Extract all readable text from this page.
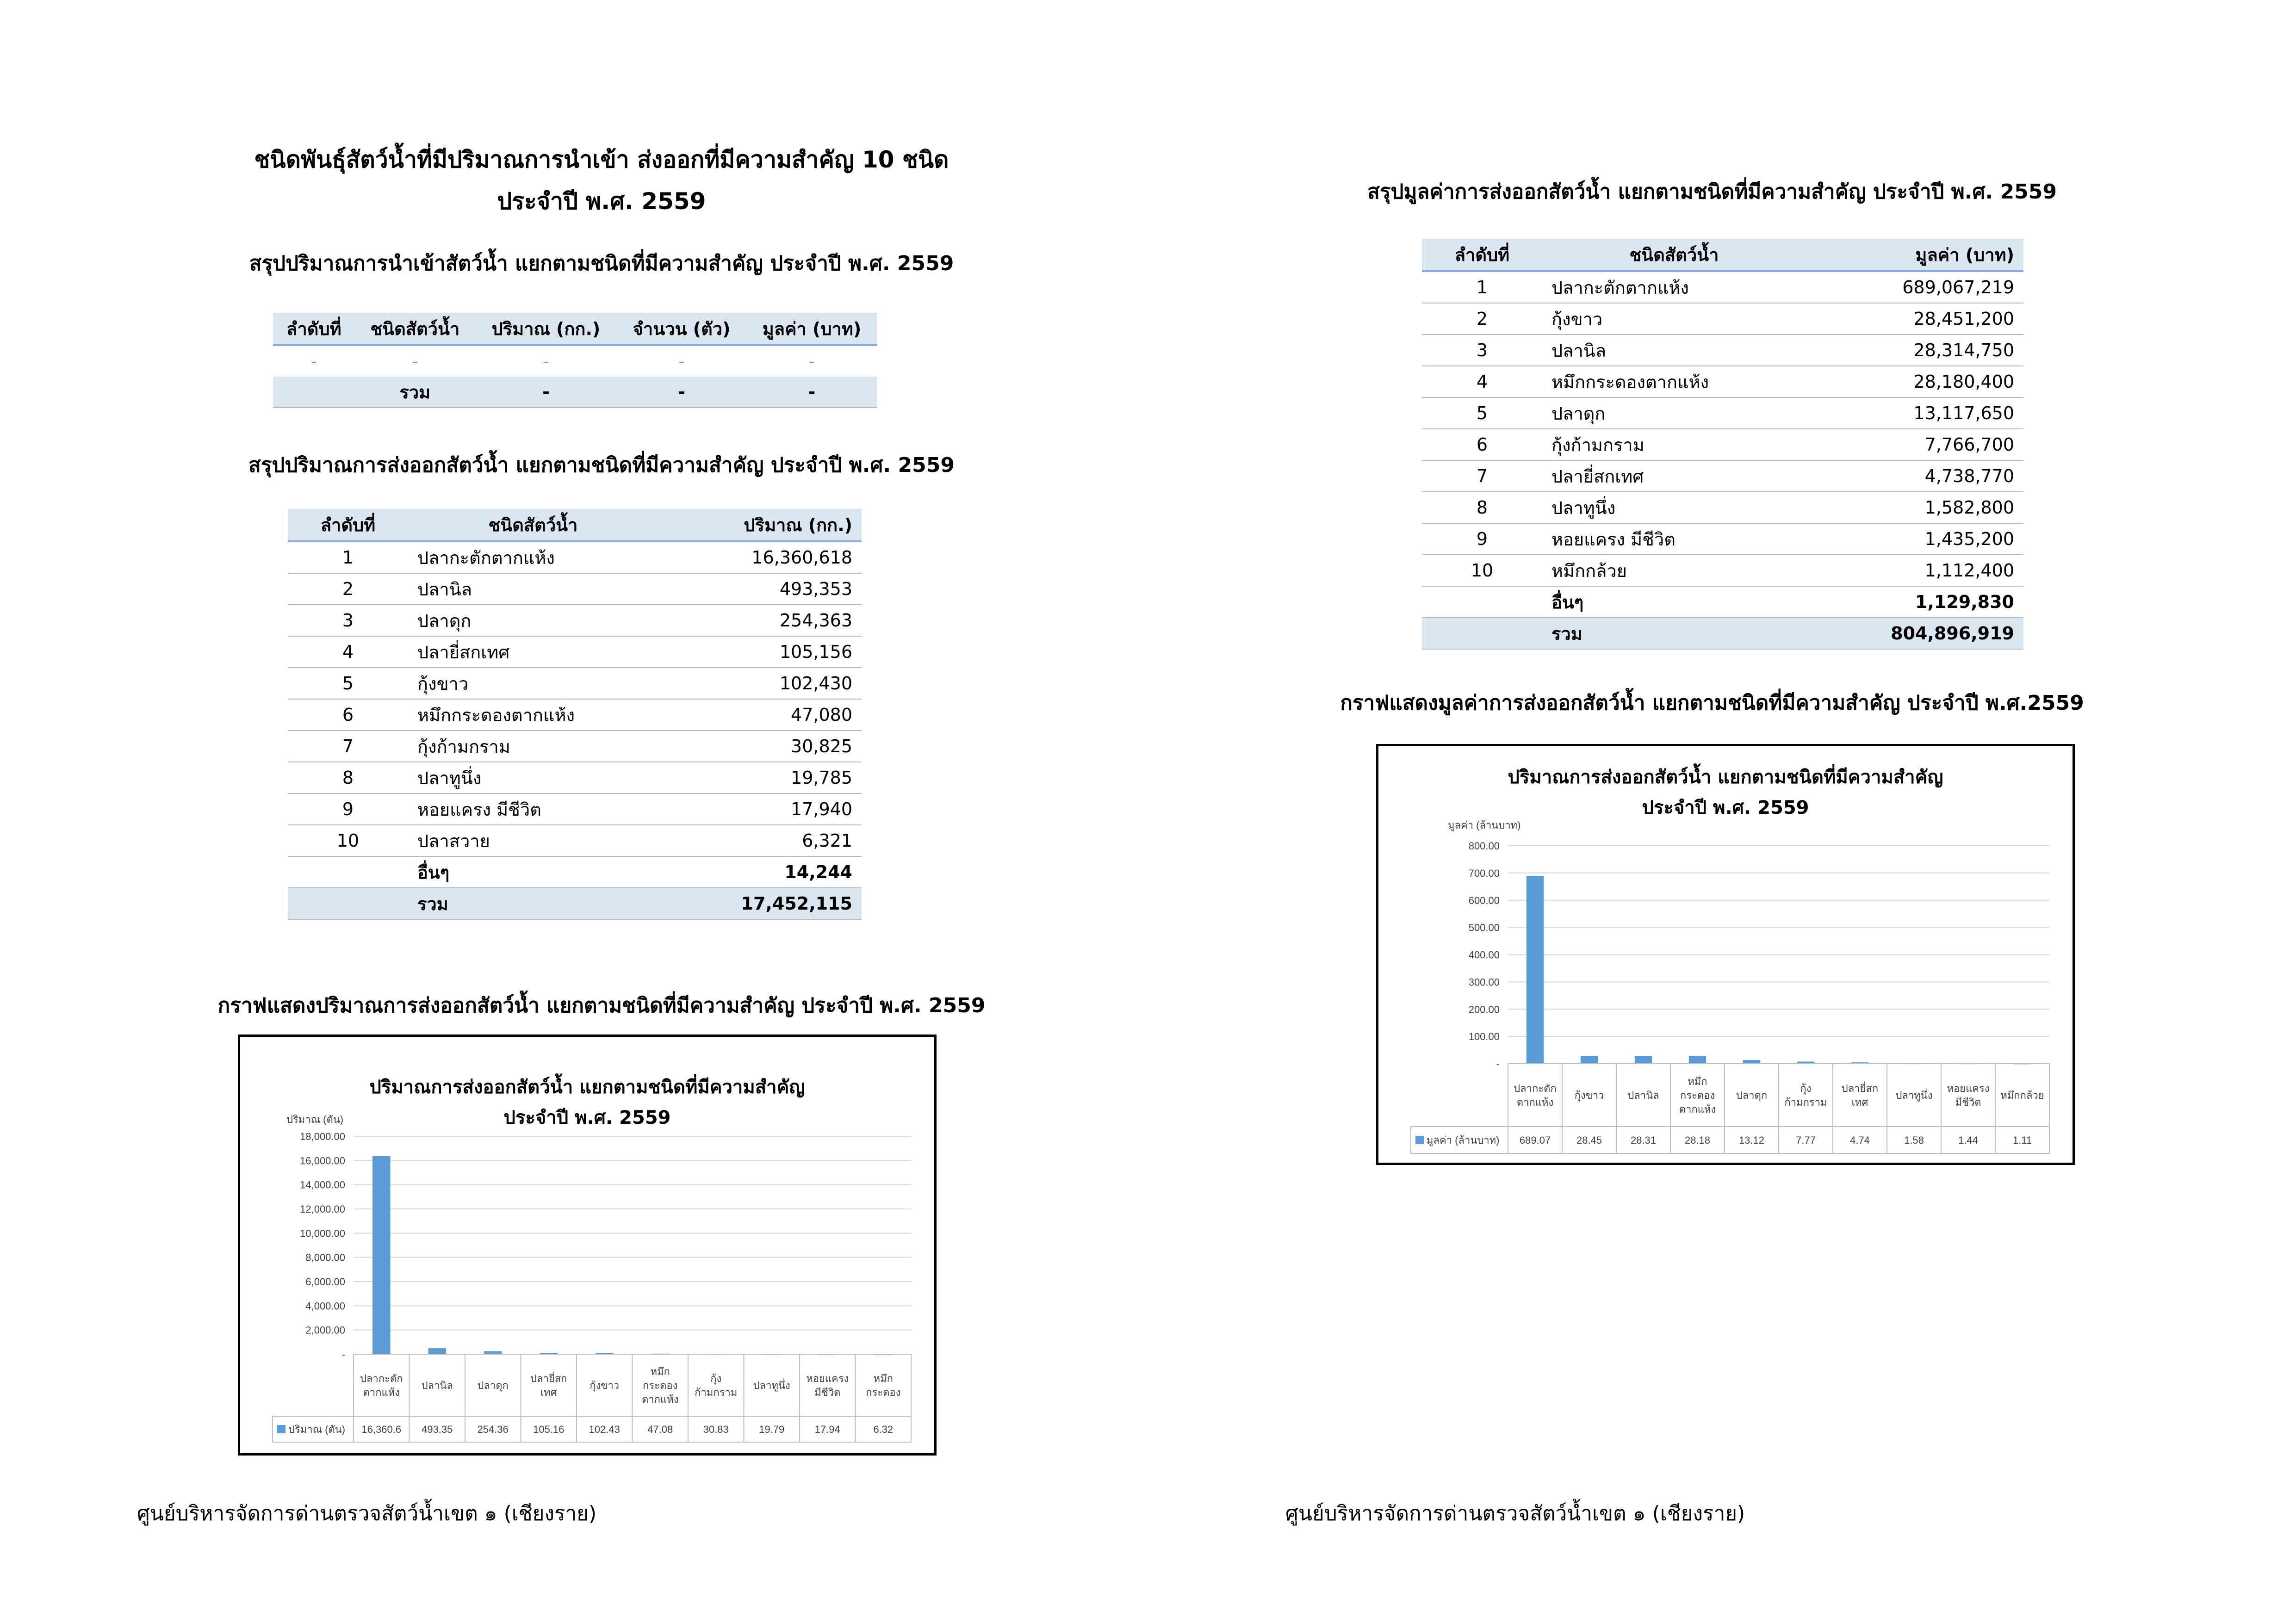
ชนิดพันธุ์สัตว์น้ำที่มีปริมาณการนำเข้า ส่งออกที่มีความสำคัญ 10 ชนิด
ประจำปี พ.ศ. 2559
สรุปปริมาณการนำเข้าสัตว์น้ำ แยกตามชนิดที่มีความสำคัญ ประจำปี พ.ศ. 2559
ลำดับที่	ชนิดสัตว์น้ำ	ปริมาณ (กก.)	จำนวน (ตัว)	มูลค่า (บาท)
-	-	-	-	-
	รวม	-	-	-
สรุปปริมาณการส่งออกสัตว์น้ำ แยกตามชนิดที่มีความสำคัญ ประจำปี พ.ศ. 2559
ลำดับที่	ชนิดสัตว์น้ำ	ปริมาณ (กก.)
1	ปลากะตักตากแห้ง	16,360,618
2	ปลานิล	493,353
3	ปลาดุก	254,363
4	ปลายี่สกเทศ	105,156
5	กุ้งขาว	102,430
6	หมึกกระดองตากแห้ง	47,080
7	กุ้งก้ามกราม	30,825
8	ปลาทูนึ่ง	19,785
9	หอยแครง มีชีวิต	17,940
10	ปลาสวาย	6,321
	อื่นๆ	14,244
	รวม	17,452,115
กราฟแสดงปริมาณการส่งออกสัตว์น้ำ แยกตามชนิดที่มีความสำคัญ ประจำปี พ.ศ. 2559
ปริมาณการส่งออกสัตว์น้ำ แยกตามชนิดที่มีความสำคัญ
ประจำปี พ.ศ. 2559
ปริมาณ (ตัน)
-
2,000.00
4,000.00
6,000.00
8,000.00
10,000.00
12,000.00
14,000.00
16,000.00
18,000.00
ปลากะตัก
ตากแห้ง
16,360.6
ปลานิล
493.35
ปลาดุก
254.36
ปลายี่สก
เทศ
105.16
กุ้งขาว
102.43
หมึก
กระดอง
ตากแห้ง
47.08
กุ้ง
ก้ามกราม
30.83
ปลาทูนึ่ง
19.79
หอยแครง
มีชีวิต
17.94
หมึก
กระดอง
6.32
ปริมาณ (ตัน)
ศูนย์บริหารจัดการด่านตรวจสัตว์น้ำเขต ๑ (เชียงราย)
สรุปมูลค่าการส่งออกสัตว์น้ำ แยกตามชนิดที่มีความสำคัญ ประจำปี พ.ศ. 2559
ลำดับที่	ชนิดสัตว์น้ำ	มูลค่า (บาท)
1	ปลากะตักตากแห้ง	689,067,219
2	กุ้งขาว	28,451,200
3	ปลานิล	28,314,750
4	หมึกกระดองตากแห้ง	28,180,400
5	ปลาดุก	13,117,650
6	กุ้งก้ามกราม	7,766,700
7	ปลายี่สกเทศ	4,738,770
8	ปลาทูนึ่ง	1,582,800
9	หอยแครง มีชีวิต	1,435,200
10	หมึกกล้วย	1,112,400
	อื่นๆ	1,129,830
	รวม	804,896,919
กราฟแสดงมูลค่าการส่งออกสัตว์น้ำ แยกตามชนิดที่มีความสำคัญ ประจำปี พ.ศ.2559
ปริมาณการส่งออกสัตว์น้ำ แยกตามชนิดที่มีความสำคัญ
ประจำปี พ.ศ. 2559
มูลค่า (ล้านบาท)
-
100.00
200.00
300.00
400.00
500.00
600.00
700.00
800.00
ปลากะตัก
ตากแห้ง
689.07
กุ้งขาว
28.45
ปลานิล
28.31
หมึก
กระดอง
ตากแห้ง
28.18
ปลาดุก
13.12
กุ้ง
ก้ามกราม
7.77
ปลายี่สก
เทศ
4.74
ปลาทูนึ่ง
1.58
หอยแครง
มีชีวิต
1.44
หมึกกล้วย
1.11
มูลค่า (ล้านบาท)
ศูนย์บริหารจัดการด่านตรวจสัตว์น้ำเขต ๑ (เชียงราย)
